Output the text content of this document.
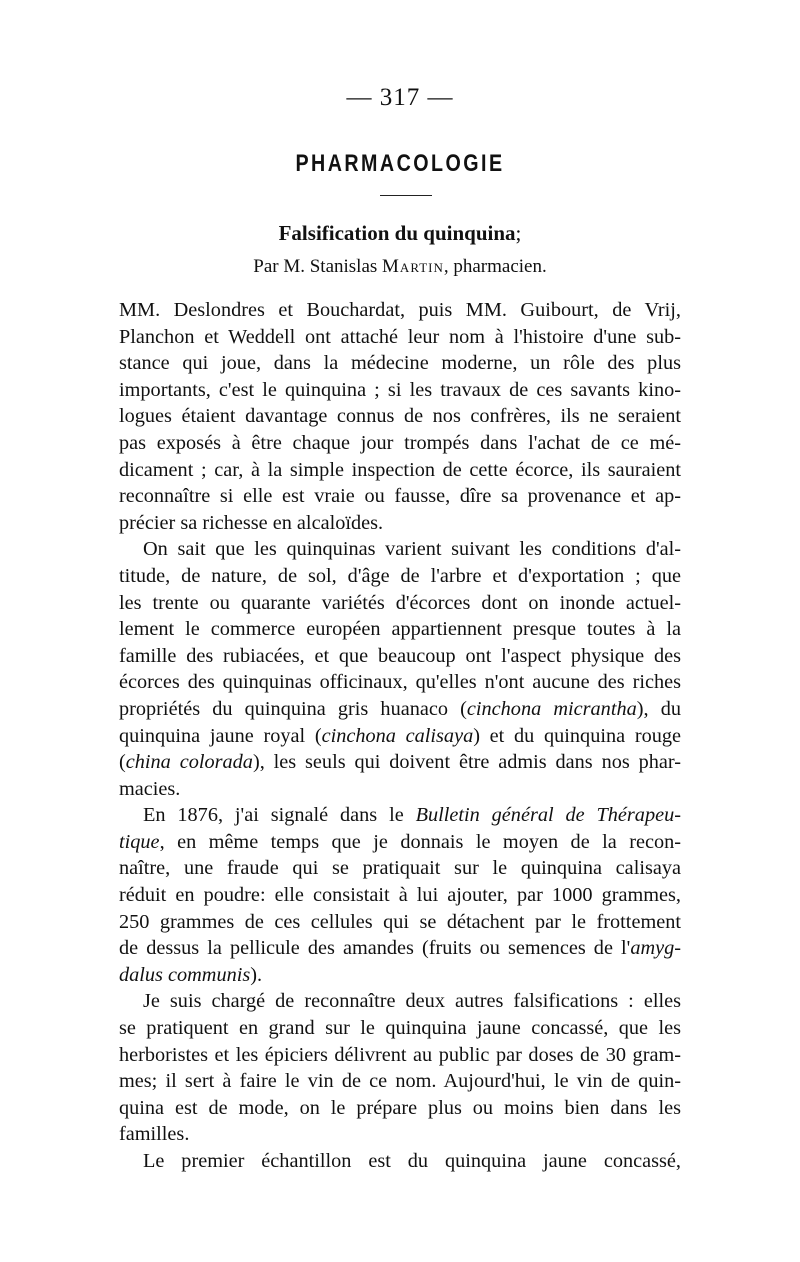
— 317 —
PHARMACOLOGIE
Falsification du quinquina;
Par M. Stanislas Martin, pharmacien.
MM. Deslondres et Bouchardat, puis MM. Guibourt, de Vrij,
Planchon et Weddell ont attaché leur nom à l'histoire d'une sub-
stance qui joue, dans la médecine moderne, un rôle des plus
importants, c'est le quinquina ; si les travaux de ces savants kino-
logues étaient davantage connus de nos confrères, ils ne seraient
pas exposés à être chaque jour trompés dans l'achat de ce mé-
dicament ; car, à la simple inspection de cette écorce, ils sauraient
reconnaître si elle est vraie ou fausse, dîre sa provenance et ap-
précier sa richesse en alcaloïdes.
On sait que les quinquinas varient suivant les conditions d'al-
titude, de nature, de sol, d'âge de l'arbre et d'exportation ; que
les trente ou quarante variétés d'écorces dont on inonde actuel-
lement le commerce européen appartiennent presque toutes à la
famille des rubiacées, et que beaucoup ont l'aspect physique des
écorces des quinquinas officinaux, qu'elles n'ont aucune des riches
propriétés du quinquina gris huanaco (cinchona micrantha), du
quinquina jaune royal (cinchona calisaya) et du quinquina rouge
(china colorada), les seuls qui doivent être admis dans nos phar-
macies.
En 1876, j'ai signalé dans le Bulletin général de Thérapeu-
tique, en même temps que je donnais le moyen de la recon-
naître, une fraude qui se pratiquait sur le quinquina calisaya
réduit en poudre: elle consistait à lui ajouter, par 1000 grammes,
250 grammes de ces cellules qui se détachent par le frottement
de dessus la pellicule des amandes (fruits ou semences de l'amyg-
dalus communis).
Je suis chargé de reconnaître deux autres falsifications : elles
se pratiquent en grand sur le quinquina jaune concassé, que les
herboristes et les épiciers délivrent au public par doses de 30 gram-
mes; il sert à faire le vin de ce nom. Aujourd'hui, le vin de quin-
quina est de mode, on le prépare plus ou moins bien dans les
familles.
Le premier échantillon est du quinquina jaune concassé,
